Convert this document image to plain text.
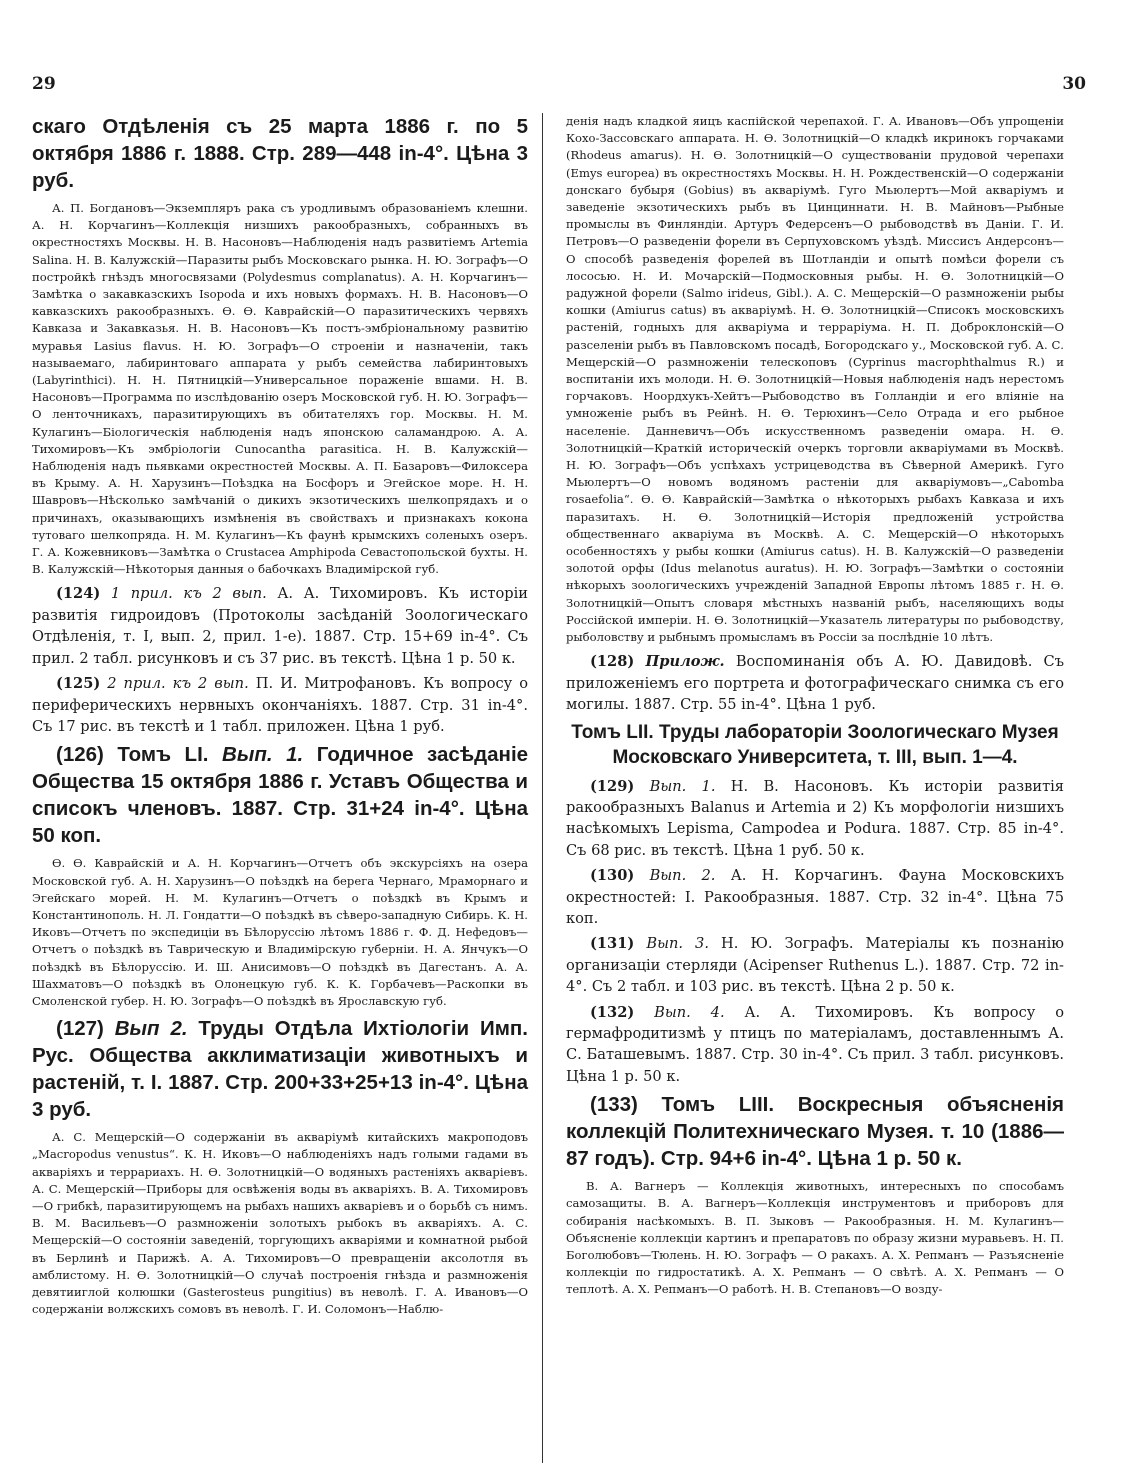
29	30
скаго Отдѣленія съ 25 марта 1886 г. по 5 октября 1886 г. 1888. Стр. 289—448 in-4°. Цѣна 3 руб.
А. П. Богдановъ—Экземпляръ рака съ уродливымъ образованіемъ клешни. А. Н. Корчагинъ—Коллекція низшихъ ракообразныхъ, собранныхъ въ окрестностяхъ Москвы. Н. В. Насоновъ—Наблюденія надъ развитіемъ Artemia Salina. Н. В. Калужскій—Паразиты рыбъ Московскаго рынка. Н. Ю. Зографъ—О постройкѣ гнѣздъ многосвязами (Polydesmus complanatus). А. Н. Корчагинъ—Замѣтка о закавказскихъ Isopoda и ихъ новыхъ формахъ. Н. В. Насоновъ—О кавказскихъ ракообразныхъ. Ѳ. Ѳ. Каврайскій—О паразитическихъ червяхъ Кавказа и Закавказья. Н. В. Насоновъ—Къ постъ-эмбріональному развитію муравья Lasius flavus. Н. Ю. Зографъ—О строеніи и назначеніи, такъ называемаго, лабиринтоваго аппарата у рыбъ семейства лабиринтовыхъ (Labyrinthici). Н. Н. Пятницкій—Универсальное пораженіе вшами. Н. В. Насоновъ—Программа по изслѣдованію озеръ Московской губ. Н. Ю. Зографъ—О ленточникахъ, паразитирующихъ въ обитателяхъ гор. Москвы. Н. М. Кулагинъ—Біологическія наблюденія надъ японскою саламандрою. А. А. Тихомировъ—Къ эмбріологіи Cunocantha parasitica. Н. В. Калужскій—Наблюденія надъ пьявками окрестностей Москвы. А. П. Базаровъ—Филоксера въ Крыму. А. Н. Харузинъ—Поѣздка на Босфоръ и Эгейское море. Н. Н. Шавровъ—Нѣсколько замѣчаній о дикихъ экзотическихъ шелкопрядахъ и о причинахъ, оказывающихъ измѣненія въ свойствахъ и признакахъ кокона тутоваго шелкопряда. Н. М. Кулагинъ—Къ фаунѣ крымскихъ соленыхъ озеръ. Г. А. Кожевниковъ—Замѣтка о Crustacea Amphipoda Севастопольской бухты. Н. В. Калужскій—Нѣкоторыя данныя о бабочкахъ Владимірской губ.
(124) 1 прил. къ 2 вып. А. А. Тихомировъ. Къ исторіи развитія гидроидовъ (Протоколы засѣданій Зоологическаго Отдѣленія, т. I, вып. 2, прил. 1-е). 1887. Стр. 15+69 in-4°. Съ прил. 2 табл. рисунковъ и съ 37 рис. въ текстѣ. Цѣна 1 р. 50 к.
(125) 2 прил. къ 2 вып. П. И. Митрофановъ. Къ вопросу о периферическихъ нервныхъ окончаніяхъ. 1887. Стр. 31 in-4°. Съ 17 рис. въ текстѣ и 1 табл. приложен. Цѣна 1 руб.
(126) Томъ LI. Вып. 1. Годичное засѣданіе Общества 15 октября 1886 г. Уставъ Общества и списокъ членовъ. 1887. Стр. 31+24 in-4°. Цѣна 50 коп.
Ѳ. Ѳ. Каврайскій и А. Н. Корчагинъ—Отчетъ объ экскурсіяхъ на озера Московской губ. А. Н. Харузинъ—О поѣздкѣ на берега Чернаго, Мраморнаго и Эгейскаго морей. Н. М. Кулагинъ—Отчетъ о поѣздкѣ въ Крымъ и Константинополь. Н. Л. Гондатти—О поѣздкѣ въ сѣверо-западную Сибирь. К. Н. Иковъ—Отчетъ по экспедиціи въ Бѣлоруссію лѣтомъ 1886 г. Ф. Д. Нефедовъ—Отчетъ о поѣздкѣ въ Таврическую и Владимірскую губерніи. Н. А. Янчукъ—О поѣздкѣ въ Бѣлоруссію. И. Ш. Анисимовъ—О поѣздкѣ въ Дагестанъ. А. А. Шахматовъ—О поѣздкѣ въ Олонецкую губ. К. К. Горбачевъ—Раскопки въ Смоленской губер. Н. Ю. Зографъ—О поѣздкѣ въ Ярославскую губ.
(127) Вып 2. Труды Отдѣла Ихтіологіи Имп. Рус. Общества акклиматизаціи животныхъ и растеній, т. I. 1887. Стр. 200+33+25+13 in-4°. Цѣна 3 руб.
А. С. Мещерскій—О содержаніи въ акваріумѣ китайскихъ макроподовъ „Macropodus venustus“. К. Н. Иковъ—О наблюденіяхъ надъ голыми гадами въ акваріяхъ и террариахъ. Н. Ѳ. Золотницкій—О водяныхъ растеніяхъ акваріевъ. А. С. Мещерскій—Приборы для освѣженія воды въ акваріяхъ. В. А. Тихомировъ—О грибкѣ, паразитирующемъ на рыбахъ нашихъ акваріевъ и о борьбѣ съ нимъ. В. М. Васильевъ—О размноженіи золотыхъ рыбокъ въ акваріяхъ. А. С. Мещерскій—О состояніи заведеній, торгующихъ акваріями и комнатной рыбой въ Берлинѣ и Парижѣ. А. А. Тихомировъ—О превращеніи аксолотля въ амблистому. Н. Ѳ. Золотницкій—О случаѣ построенія гнѣзда и размноженія девятииглой колюшки (Gasterosteus pungitius) въ неволѣ. Г. А. Ивановъ—О содержаніи волжскихъ сомовъ въ неволѣ. Г. И. Соломонъ—Наблю-
денія надъ кладкой яицъ каспійской черепахой. Г. А. Ивановъ—Объ упрощеніи Кохо-Зассовскаго аппарата. Н. Ѳ. Золотницкій—О кладкѣ икринокъ горчаками (Rhodeus amarus). Н. Ѳ. Золотницкій—О существованіи прудовой черепахи (Emys europea) въ окрестностяхъ Москвы. Н. Н. Рождественскій—О содержаніи донскаго бубыря (Gobius) въ акваріумѣ. Гуго Мьюлертъ—Мой акваріумъ и заведеніе экзотическихъ рыбъ въ Цинциннати. Н. В. Майновъ—Рыбные промыслы въ Финляндіи. Артуръ Федерсенъ—О рыбоводствѣ въ Даніи. Г. И. Петровъ—О разведеніи форели въ Серпуховскомъ уѣздѣ. Миссисъ Андерсонъ—О способѣ разведенія форелей въ Шотландіи и опытѣ помѣси форели съ лососью. Н. И. Мочарскій—Подмосковныя рыбы. Н. Ѳ. Золотницкій—О радужной форели (Salmo irideus, Gibl.). А. С. Мещерскій—О размноженіи рыбы кошки (Amiurus catus) въ акваріумѣ. Н. Ѳ. Золотницкій—Списокъ московскихъ растеній, годныхъ для акваріума и террарiума. Н. П. Доброклонскій—О разселеніи рыбъ въ Павловскомъ посадѣ, Богородскаго у., Московской губ. А. С. Мещерскій—О размноженіи телескоповъ (Cyprinus macrophthalmus R.) и воспитаніи ихъ молоди. Н. Ѳ. Золотницкій—Новыя наблюденія надъ нерестомъ горчаковъ. Ноордхукъ-Хейтъ—Рыбоводство въ Голландіи и его вліяніе на умноженіе рыбъ въ Рейнѣ. Н. Ѳ. Терюхинъ—Село Отрада и его рыбное населеніе. Данневичъ—Объ искусственномъ разведеніи омара. Н. Ѳ. Золотницкій—Краткій историческій очеркъ торговли акваріумами въ Москвѣ. Н. Ю. Зографъ—Объ успѣхахъ устрицеводства въ Сѣверной Америкѣ. Гуго Мьюлертъ—О новомъ водяномъ растеніи для акваріумовъ—„Cabomba rosaefolia“. Ѳ. Ѳ. Каврайскій—Замѣтка о нѣкоторыхъ рыбахъ Кавказа и ихъ паразитахъ. Н. Ѳ. Золотницкій—Исторія предложеній устройства общественнаго акваріума въ Москвѣ. А. С. Мещерскій—О нѣкоторыхъ особенностяхъ у рыбы кошки (Amiurus catus). Н. В. Калужскій—О разведеніи золотой орфы (Idus melanotus auratus). Н. Ю. Зографъ—Замѣтки о состояніи нѣкорыхъ зоологическихъ учрежденій Западной Европы лѣтомъ 1885 г. Н. Ѳ. Золотницкій—Опытъ словаря мѣстныхъ названій рыбъ, населяющихъ воды Россійской имперіи. Н. Ѳ. Золотницкій—Указатель литературы по рыбоводству, рыболовству и рыбнымъ промысламъ въ Россіи за послѣдніе 10 лѣтъ.
(128) Прилож. Воспоминанія объ А. Ю. Давидовѣ. Съ приложеніемъ его портрета и фотографическаго снимка съ его могилы. 1887. Стр. 55 in-4°. Цѣна 1 руб.
Томъ LII. Труды лабораторіи Зоологическаго Музея Московскаго Университета, т. III, вып. 1—4.
(129) Вып. 1. Н. В. Насоновъ. Къ исторіи развитія ракообразныхъ Balanus и Artemia и 2) Къ морфологіи низшихъ насѣкомыхъ Lepisma, Campodea и Podura. 1887. Стр. 85 in-4°. Съ 68 рис. въ текстѣ. Цѣна 1 руб. 50 к.
(130) Вып. 2. А. Н. Корчагинъ. Фауна Московскихъ окрестностей: I. Ракообразныя. 1887. Стр. 32 in-4°. Цѣна 75 коп.
(131) Вып. 3. Н. Ю. Зографъ. Матеріалы къ познанію организаціи стерляди (Acipenser Ruthenus L.). 1887. Стр. 72 in-4°. Съ 2 табл. и 103 рис. въ текстѣ. Цѣна 2 р. 50 к.
(132) Вып. 4. А. А. Тихомировъ. Къ вопросу о гермафродитизмѣ у птицъ по матеріаламъ, доставленнымъ А. С. Баташевымъ. 1887. Стр. 30 in-4°. Съ прил. 3 табл. рисунковъ. Цѣна 1 р. 50 к.
(133) Томъ LIII. Воскресныя объясненія коллекцій Политехническаго Музея. т. 10 (1886—87 годъ). Стр. 94+6 in-4°. Цѣна 1 р. 50 к.
В. А. Вагнеръ — Коллекція животныхъ, интересныхъ по способамъ самозащиты. В. А. Вагнеръ—Коллекція инструментовъ и приборовъ для собиранія насѣкомыхъ. В. П. Зыковъ — Ракообразныя. Н. М. Кулагинъ—Объясненіе коллекціи картинъ и препаратовъ по образу жизни муравьевъ. Н. П. Боголюбовъ—Тюлень. Н. Ю. Зографъ — О ракахъ. А. Х. Репманъ — Разъясненіе коллекціи по гидростатикѣ. А. Х. Репманъ — О свѣтѣ. А. Х. Репманъ — О теплотѣ. А. Х. Репманъ—О работѣ. Н. В. Степановъ—О возду-
